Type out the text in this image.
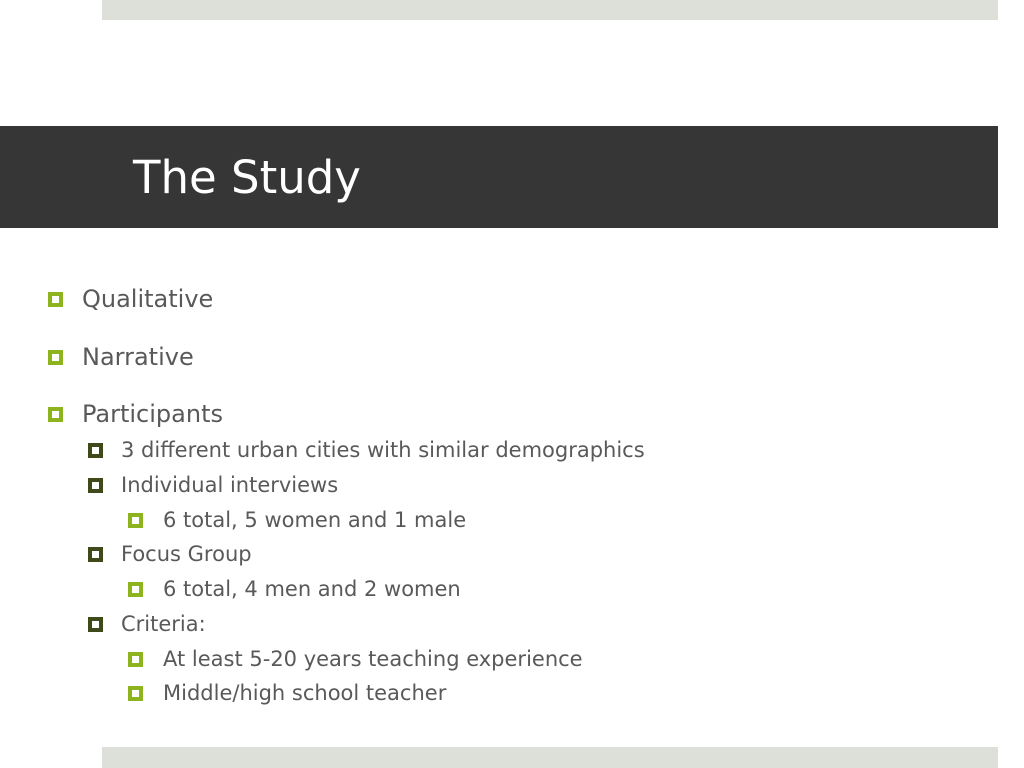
The Study
Qualitative
Narrative
Participants
3 different urban cities with similar demographics
Individual interviews
6 total, 5 women and 1 male
Focus Group
6 total, 4 men and 2 women
Criteria:
At least 5-20 years teaching experience
Middle/high school teacher
